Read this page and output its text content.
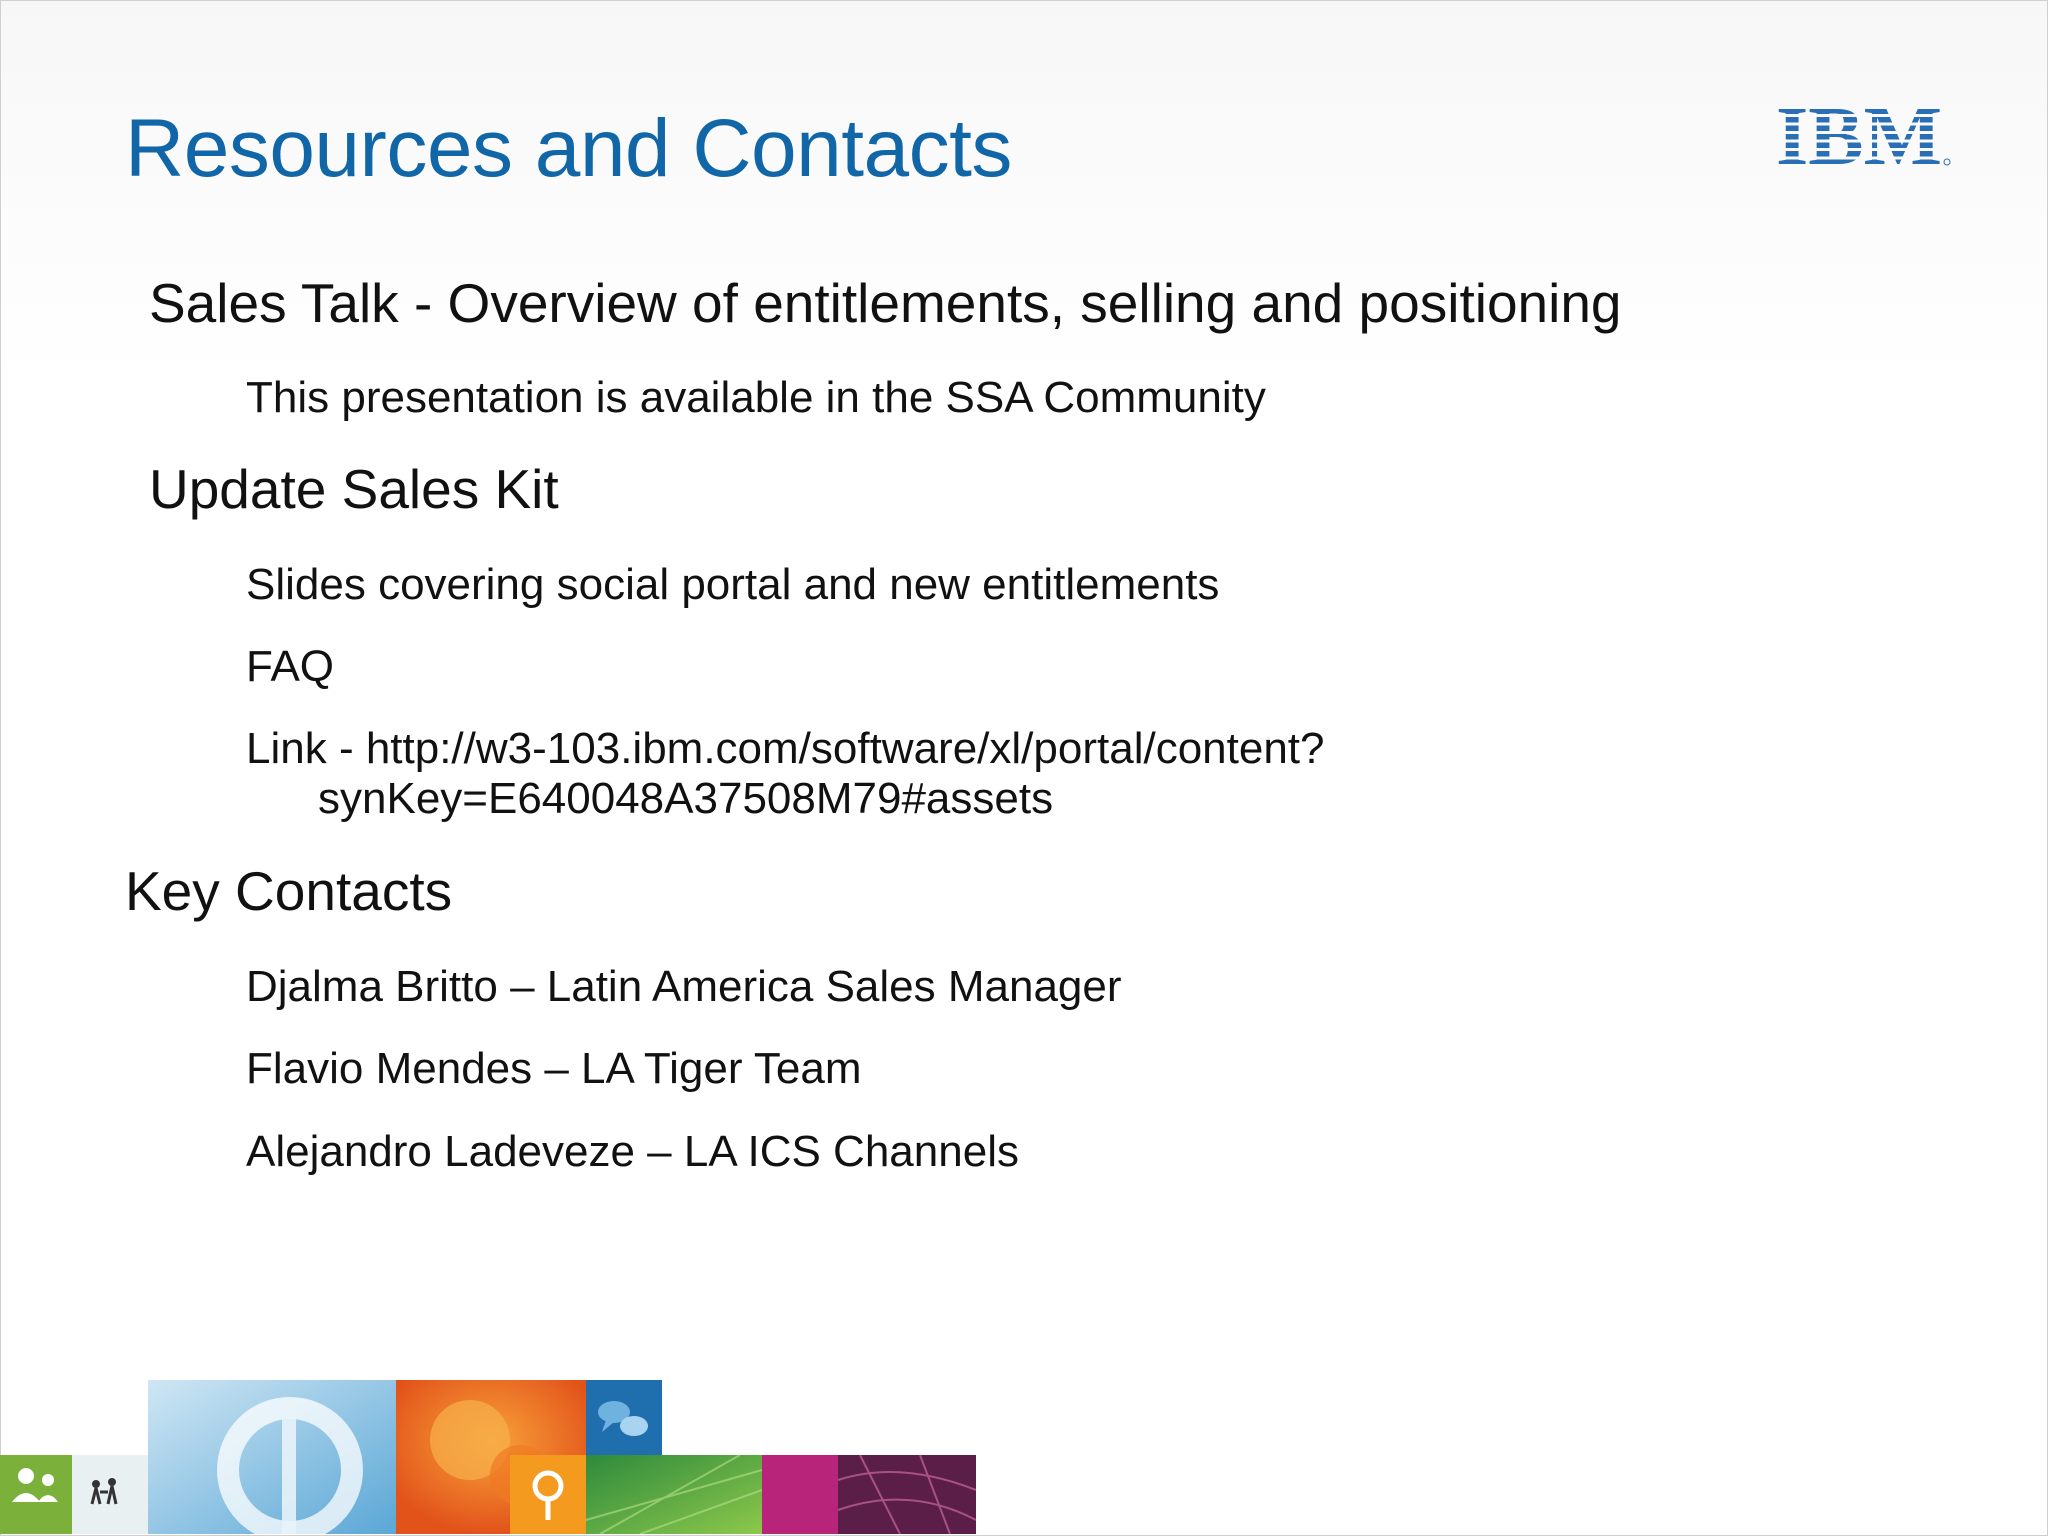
Resources and Contacts
Sales Talk - Overview of entitlements, selling and positioning
This presentation is available in the SSA Community
Update Sales Kit
Slides covering social portal and new entitlements
FAQ
Link - http://w3-103.ibm.com/software/xl/portal/content?
synKey=E640048A37508M79#assets
Key Contacts
Djalma Britto – Latin America Sales Manager
Flavio Mendes – LA Tiger Team
Alejandro Ladeveze – LA ICS Channels
